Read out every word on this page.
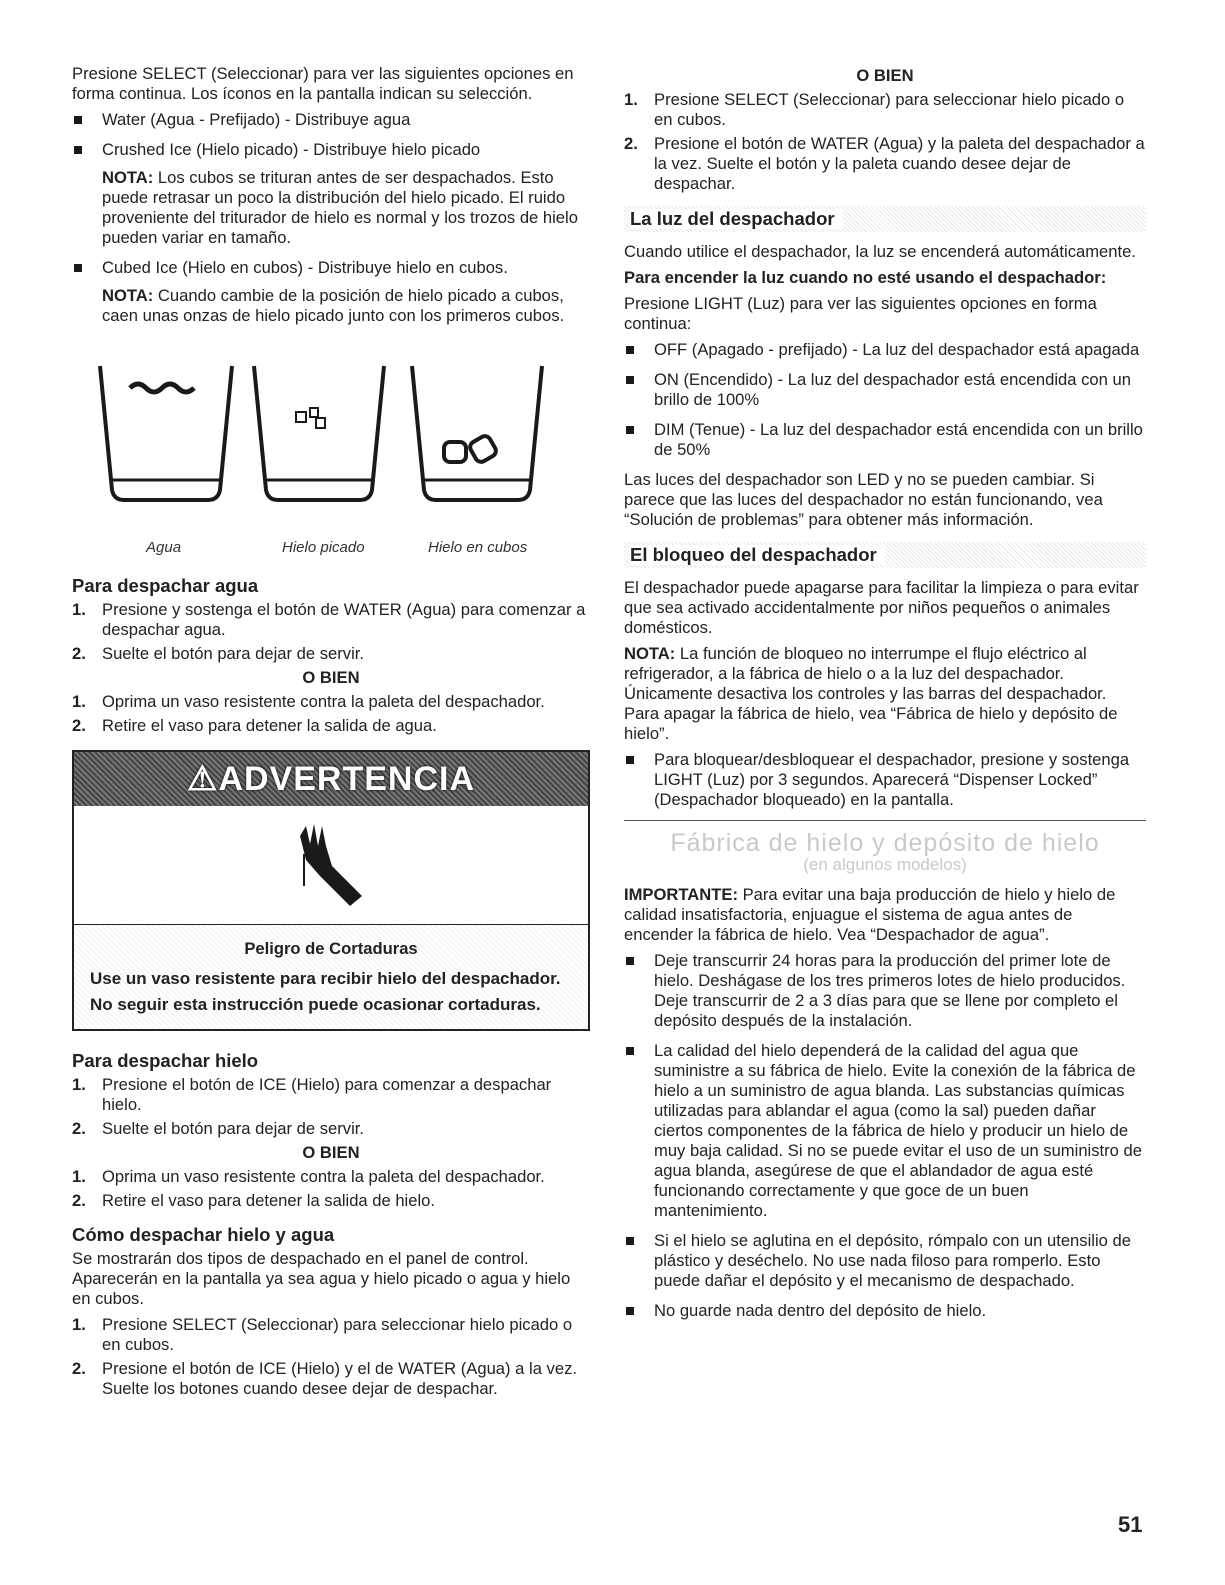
Presione SELECT (Seleccionar) para ver las siguientes opciones en forma continua. Los íconos en la pantalla indican su selección.

Water (Agua - Prefijado) - Distribuye agua
Crushed Ice (Hielo picado) - Distribuye hielo picado
NOTA: Los cubos se trituran antes de ser despachados. Esto puede retrasar un poco la distribución del hielo picado. El ruido proveniente del triturador de hielo es normal y los trozos de hielo pueden variar en tamaño.
Cubed Ice (Hielo en cubos) - Distribuye hielo en cubos.
NOTA: Cuando cambie de la posición de hielo picado a cubos, caen unas onzas de hielo picado junto con los primeros cubos.
Agua	Hielo picado	Hielo en cubos
Para despachar agua
1. Presione y sostenga el botón de WATER (Agua) para comenzar a despachar agua.
2. Suelte el botón para dejar de servir.
O BIEN
1. Oprima un vaso resistente contra la paleta del despachador.
2. Retire el vaso para detener la salida de agua.
⚠ADVERTENCIA
Peligro de Cortaduras

Use un vaso resistente para recibir hielo del despachador.

No seguir esta instrucción puede ocasionar cortaduras.

Para despachar hielo
1. Presione el botón de ICE (Hielo) para comenzar a despachar hielo.
2. Suelte el botón para dejar de servir.
O BIEN
1. Oprima un vaso resistente contra la paleta del despachador.
2. Retire el vaso para detener la salida de hielo.
Cómo despachar hielo y agua

Se mostrarán dos tipos de despachado en el panel de control. Aparecerán en la pantalla ya sea agua y hielo picado o agua y hielo en cubos.

1. Presione SELECT (Seleccionar) para seleccionar hielo picado o en cubos.
2. Presione el botón de ICE (Hielo) y el de WATER (Agua) a la vez. Suelte los botones cuando desee dejar de despachar.
O BIEN
1. Presione SELECT (Seleccionar) para seleccionar hielo picado o en cubos.
2. Presione el botón de WATER (Agua) y la paleta del despachador a la vez. Suelte el botón y la paleta cuando desee dejar de despachar.
La luz del despachador

Cuando utilice el despachador, la luz se encenderá automáticamente.

Para encender la luz cuando no esté usando el despachador:

Presione LIGHT (Luz) para ver las siguientes opciones en forma continua:

OFF (Apagado - prefijado) - La luz del despachador está apagada
ON (Encendido) - La luz del despachador está encendida con un brillo de 100%
DIM (Tenue) - La luz del despachador está encendida con un brillo de 50%

Las luces del despachador son LED y no se pueden cambiar. Si parece que las luces del despachador no están funcionando, vea “Solución de problemas” para obtener más información.

El bloqueo del despachador

El despachador puede apagarse para facilitar la limpieza o para evitar que sea activado accidentalmente por niños pequeños o animales domésticos.

NOTA: La función de bloqueo no interrumpe el flujo eléctrico al refrigerador, a la fábrica de hielo o a la luz del despachador. Únicamente desactiva los controles y las barras del despachador. Para apagar la fábrica de hielo, vea “Fábrica de hielo y depósito de hielo”.

Para bloquear/desbloquear el despachador, presione y sostenga LIGHT (Luz) por 3 segundos. Aparecerá “Dispenser Locked” (Despachador bloqueado) en la pantalla.
Fábrica de hielo y depósito de hielo
(en algunos modelos)

IMPORTANTE: Para evitar una baja producción de hielo y hielo de calidad insatisfactoria, enjuague el sistema de agua antes de encender la fábrica de hielo. Vea “Despachador de agua”.

Deje transcurrir 24 horas para la producción del primer lote de hielo. Deshágase de los tres primeros lotes de hielo producidos. Deje transcurrir de 2 a 3 días para que se llene por completo el depósito después de la instalación.
La calidad del hielo dependerá de la calidad del agua que suministre a su fábrica de hielo. Evite la conexión de la fábrica de hielo a un suministro de agua blanda. Las substancias químicas utilizadas para ablandar el agua (como la sal) pueden dañar ciertos componentes de la fábrica de hielo y producir un hielo de muy baja calidad. Si no se puede evitar el uso de un suministro de agua blanda, asegúrese de que el ablandador de agua esté funcionando correctamente y que goce de un buen mantenimiento.
Si el hielo se aglutina en el depósito, rómpalo con un utensilio de plástico y deséchelo. No use nada filoso para romperlo. Esto puede dañar el depósito y el mecanismo de despachado.
No guarde nada dentro del depósito de hielo.
51
